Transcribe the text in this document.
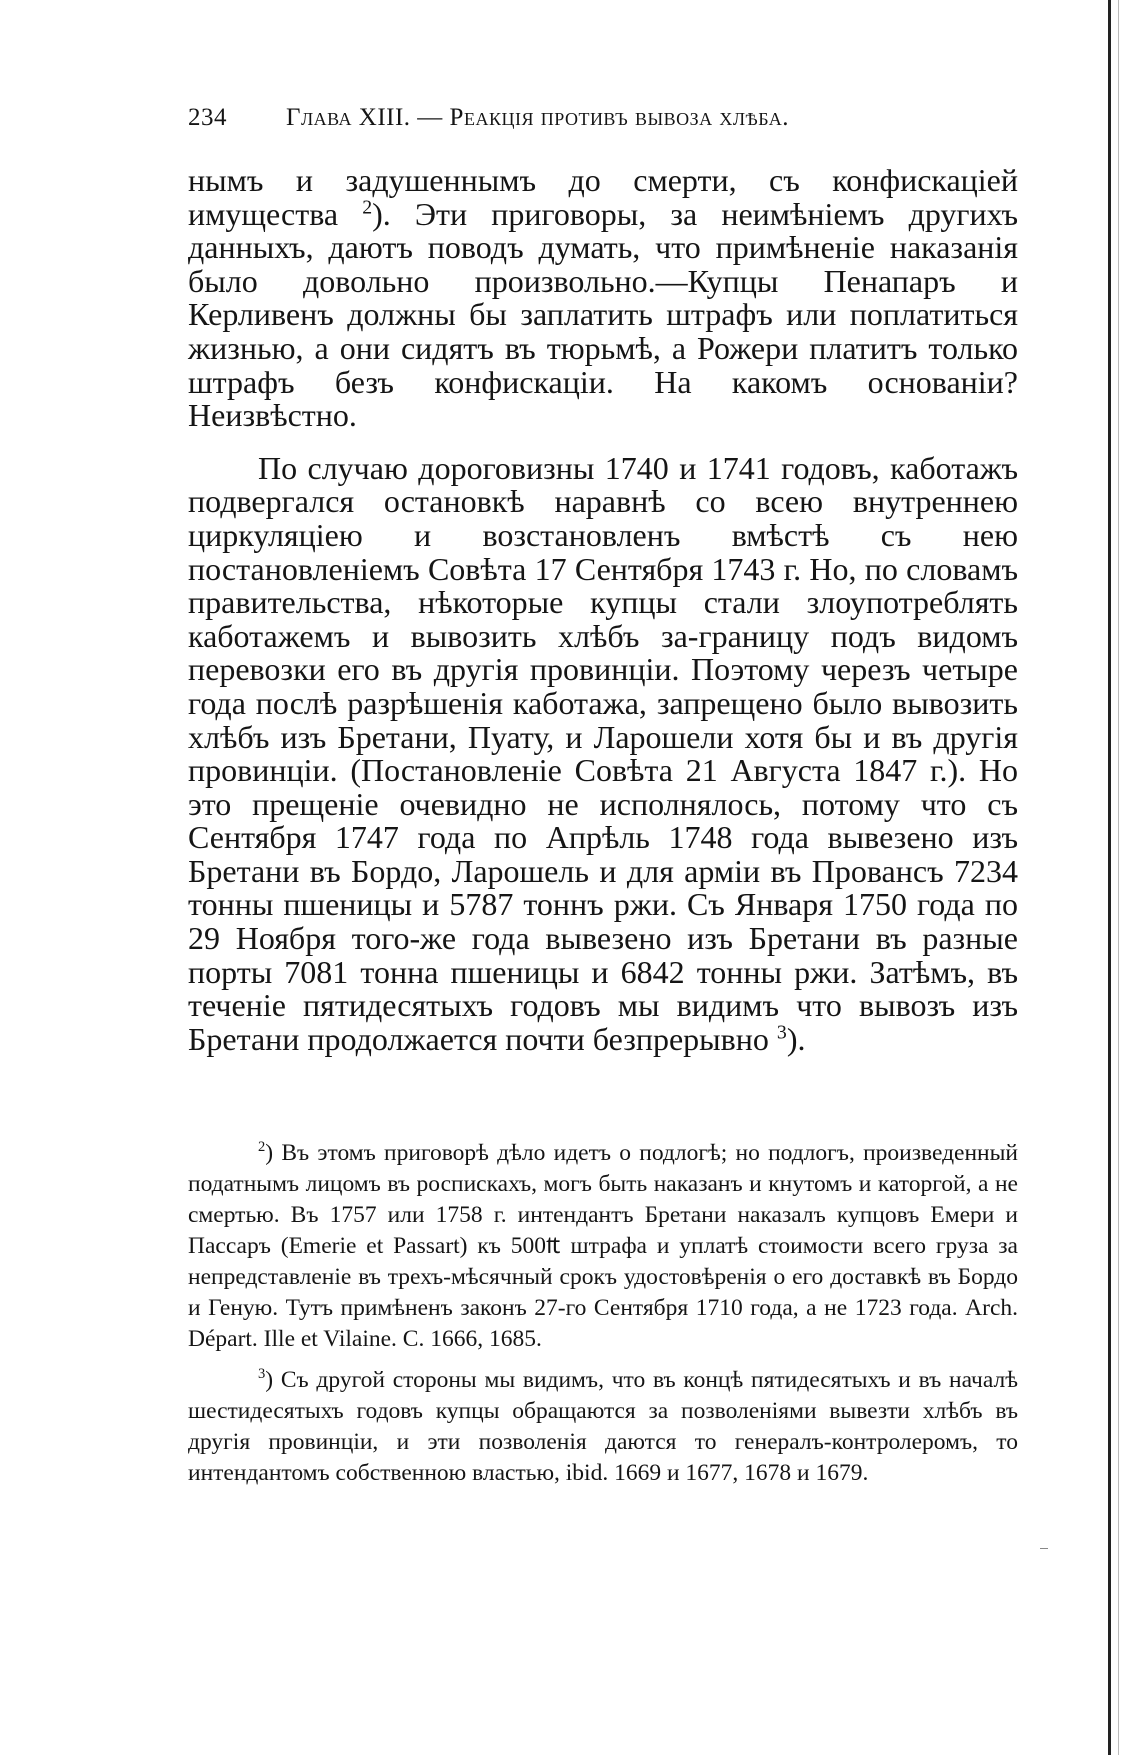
234 Глава XIII. — Реакція противъ вывоза хлѣба.

нымъ и задушеннымъ до смерти, съ конфискаціей имущества $^2$). Эти приговоры, за неимѣніемъ другихъ данныхъ, даютъ поводъ думать, что примѣненіе наказанія было довольно произвольно.—Купцы Пенапаръ и Керливенъ должны бы заплатить штрафъ или поплатиться жизнью, а они сидятъ въ тюрьмѣ, а Рожери платитъ только штрафъ безъ конфискаціи. На какомъ основаніи? Неизвѣстно.

По случаю дороговизны 1740 и 1741 годовъ, каботажъ подвергался остановкѣ наравнѣ со всею внутреннею циркуляціею и возстановленъ вмѣстѣ съ нею постановленіемъ Совѣта 17 Сентября 1743 г. Но, по словамъ правительства, нѣкоторые купцы стали злоупотреблять каботажемъ и вывозить хлѣбъ за-границу подъ видомъ перевозки его въ другія провинціи. Поэтому черезъ четыре года послѣ разрѣшенія каботажа, запрещено было вывозить хлѣбъ изъ Бретани, Пуату, и Ларошели хотя бы и въ другія провинціи. (Постановленіе Совѣта 21 Августа 1847 г.). Но это прещеніе очевидно не исполнялось, потому что съ Сентября 1747 года по Апрѣль 1748 года вывезено изъ Бретани въ Бордо, Ларошель и для арміи въ Провансъ 7234 тонны пшеницы и 5787 тоннъ ржи. Съ Января 1750 года по 29 Ноября того-же года вывезено изъ Бретани въ разные порты 7081 тонна пшеницы и 6842 тонны ржи. Затѣмъ, въ теченіе пятидесятыхъ годовъ мы видимъ что вывозъ изъ Бретани продолжается почти безпрерывно $^3$).

$^2$) Въ этомъ приговорѣ дѣло идетъ о подлогѣ; но подлогъ, произведенный податнымъ лицомъ въ роспискахъ, могъ быть наказанъ и кнутомъ и каторгой, а не смертью. Въ 1757 или 1758 г. интендантъ Бретани наказалъ купцовъ Емери и Пассаръ (Emerie et Passart) къ 500₶ штрафа и уплатѣ стоимости всего груза за непредставленіе въ трехъ-мѣсячный срокъ удостовѣренія о его доставкѣ въ Бордо и Геную. Тутъ примѣненъ законъ 27-го Сентября 1710 года, а не 1723 года. Arch. Départ. Ille et Vilaine. C. 1666, 1685.

$^3$) Съ другой стороны мы видимъ, что въ концѣ пятидесятыхъ и въ началѣ шестидесятыхъ годовъ купцы обращаются за позволеніями вывезти хлѣбъ въ другія провинціи, и эти позволенія даются то генералъ-контролеромъ, то интендантомъ собственною властью, ibid. 1669 и 1677, 1678 и 1679.
